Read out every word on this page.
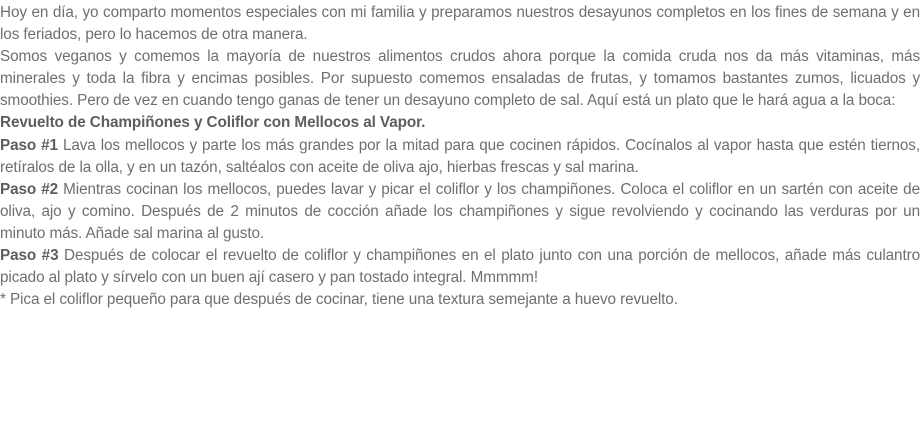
Hoy en día, yo comparto momentos especiales con mi familia y preparamos nuestros desayunos completos en los fines de semana y en los feriados, pero lo hacemos de otra manera.

Somos veganos y comemos la mayoría de nuestros alimentos crudos ahora porque la comida cruda nos da más vitaminas, más minerales y toda la fibra y encimas posibles. Por supuesto comemos ensaladas de frutas, y tomamos bastantes zumos, licuados y smoothies. Pero de vez en cuando tengo ganas de tener un desayuno completo de sal. Aquí está un plato que le hará agua a la boca:

Revuelto de Champiñones y Coliflor con Mellocos al Vapor.

Paso #1 Lava los mellocos y parte los más grandes por la mitad para que cocinen rápidos. Cocínalos al vapor hasta que estén tiernos, retíralos de la olla, y en un tazón, saltéalos con aceite de oliva ajo, hierbas frescas y sal marina.

Paso #2 Mientras cocinan los mellocos, puedes lavar y picar el coliflor y los champiñones. Coloca el coliflor en un sartén con aceite de oliva, ajo y comino. Después de 2 minutos de cocción añade los champiñones y sigue revolviendo y cocinando las verduras por un minuto más. Añade sal marina al gusto.

Paso #3 Después de colocar el revuelto de coliflor y champiñones en el plato junto con una porción de mellocos, añade más culantro picado al plato y sírvelo con un buen ají casero y pan tostado integral. Mmmmm!

* Pica el coliflor pequeño para que después de cocinar, tiene una textura semejante a huevo revuelto.
